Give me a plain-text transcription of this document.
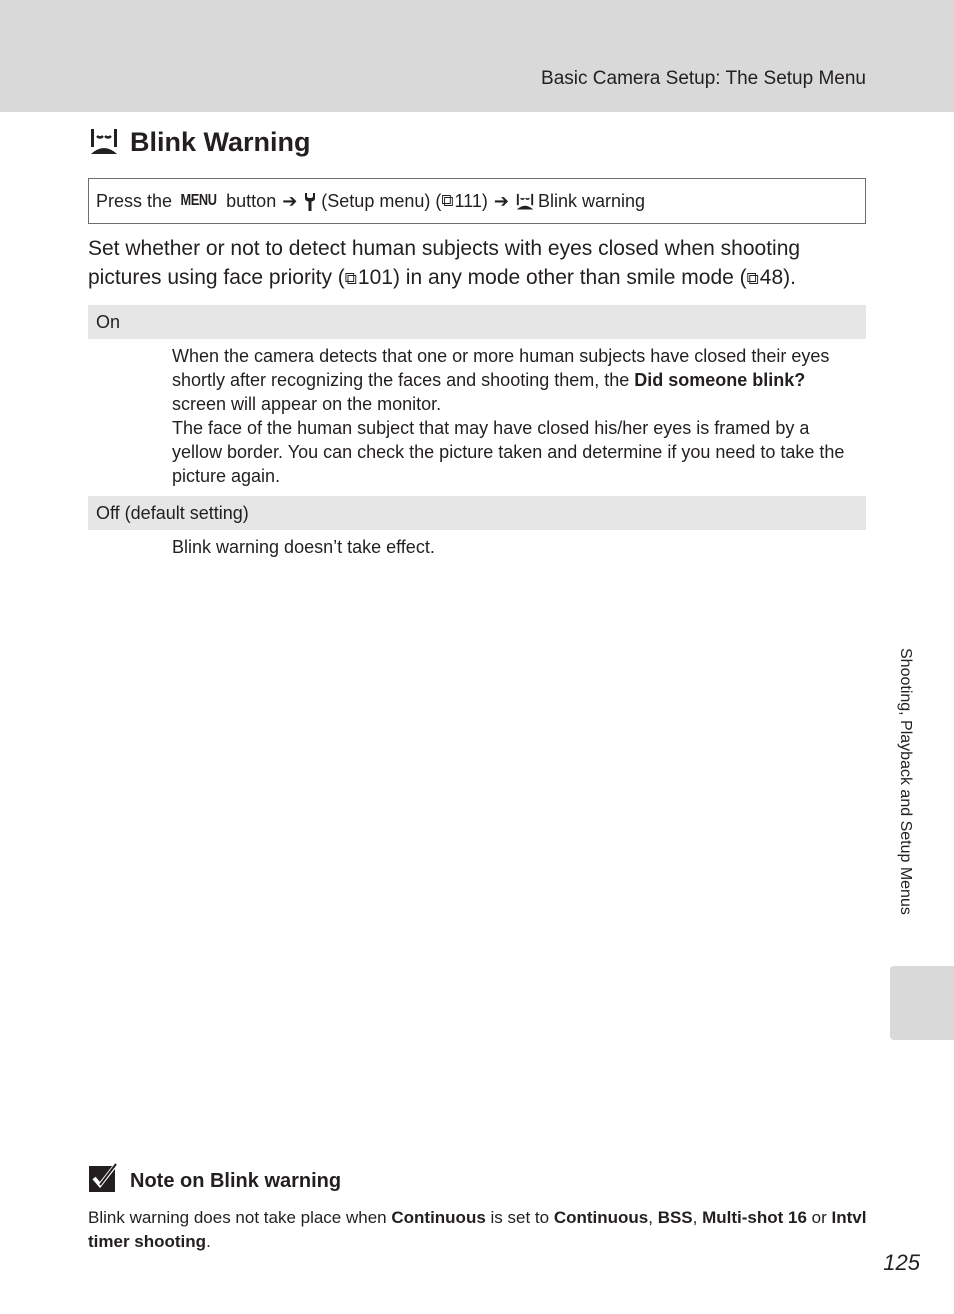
Basic Camera Setup: The Setup Menu
Blink Warning
Press the MENU button ➔ (Setup menu) ( ⧉ 111) ➔ Blink warning
Set whether or not to detect human subjects with eyes closed when shooting pictures using face priority (⧉101) in any mode other than smile mode (⧉48).
On

When the camera detects that one or more human subjects have closed their eyes shortly after recognizing the faces and shooting them, the Did someone blink? screen will appear on the monitor.

The face of the human subject that may have closed his/her eyes is framed by a yellow border. You can check the picture taken and determine if you need to take the picture again.

Off (default setting)
Blink warning doesn’t take effect.
Shooting, Playback and Setup Menus
Note on Blink warning
Blink warning does not take place when Continuous is set to Continuous, BSS, Multi-shot 16 or Intvl timer shooting.
125
